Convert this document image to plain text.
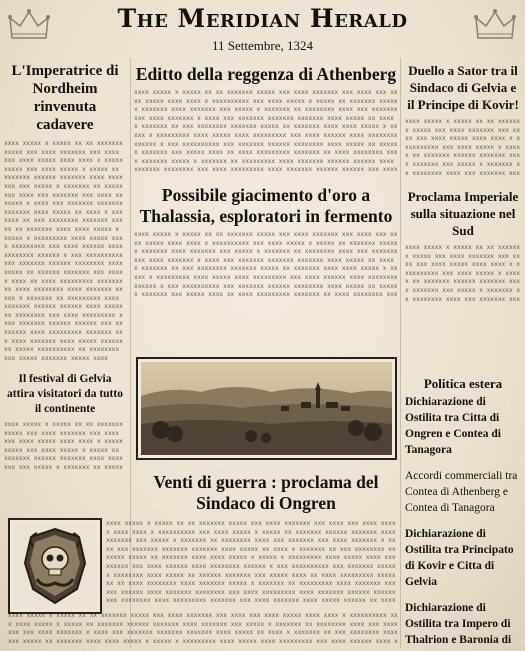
The Meridian Herald
11 Settembre, 1324
L'Imperatrice di Nordheim rinvenuta cadavere
xxxx xxxxx x xxxxx xx xx xxxxxxx xxxxx xxx xxxx xxxxxxx xxx xxxx xxx xxxx xxxxx xxxx xxxx x xxxxxxxxxx xxx xxxx xxxxx x xxxxx xx xxxxxxx xxxxxx xxxxxxx xxxx xxxxxxx xxx xxxxx x xxxxxxx xx xxxxxxxx xxxx xxx xxxxxxx xxx xxxx xxxxxxx x xxxx xxx xxxxxxx xxxxxxx xxxxxxx xxxx xxxxx xx xxxx x xxxxxxx xx xxx xxxxxxxx xxxxxxx xxxxx xx xxxxxxx xxxx xxxx xxxxx x xxxxx x xxxxxxxxx xxxx xxxxx xxxx xxxxxxxxx xxx xxxx xxxxxx xxxx xxxxxxxx xxxxxx x xxx xxxxxxxxxx xxx xxxxxxx xxxxxx xxxxxxxx xxxx xxxxx xx xxxxxx xxxxxxx xxx xxxxx xxxx xx xxxx xxxxxxxxx xxxxxxx xx xxxx xxxxxxxx xxxx xxxxxxx xxxxx x xxxxxxx xx xxxxxxxxx xxxx xxxxxxx xxxxxx xxxxxx xxxx xxxxxxx xxxxxxxx xxx xxxx xxxxxxxxx xxxx xxxxxxx xxxxxx xxxxxx xxx xxxxxxxx xxxx xxxxxxxxx xxxxxxx xxx xxxx xxxxxxx xxxx xxxxx xxxxxx xx xxxxx xxxxxxxxxx xx xxxxxxxx xxx xxxxx xxxxxxx xxxxx xxxx
Il festival di Gelvia attira visitatori da tutto il continente
xxxx xxxxx x xxxxx xx xx xxxxxxx xxxxx xxx xxxx xxxxxxx xxx xxxx xxx xxxx xxxxx xxxx xxxx x xxxxxxxxxx xxx xxxx xxxxx x xxxxx xx xxxxxxx xxxxxx xxxxxxx xxxx xxxxxxx xxx xxxxx x xxxxxxx xx xxxxx
Editto della reggenza di Athenberg
xxxx xxxxx x xxxxx xx xx xxxxxxx xxxxx xxx xxxx xxxxxxx xxx xxxx xxx xxxx xxxxx xxxx xxxx x xxxxxxxxxx xxx xxxx xxxxx x xxxxx xx xxxxxxx xxxxxx xxxxxxx xxxx xxxxxxx xxx xxxxx x xxxxxxx xx xxxxxxxx xxxx xxx xxxxxxx xxx xxxx xxxxxxx x xxxx xxx xxxxxxx xxxxxxx xxxxxxx xxxx xxxxx xx xxxx x xxxxxxx xx xxx xxxxxxxx xxxxxxx xxxxx xx xxxxxxx xxxx xxxx xxxxx x xxxxx x xxxxxxxxx xxxx xxxxx xxxx xxxxxxxxx xxx xxxx xxxxxx xxxx xxxxxxxx xxxxxx x xxx xxxxxxxxxx xxx xxxxxxx xxxxxx xxxxxxxx xxxx xxxxx xx xxxxxx xxxxxxx xxx xxxxx xxxx xx xxxx xxxxxxxxx xxxxxxx xx xxxx xxxxxxxx xxxx xxxxxxx xxxxx x xxxxxxx xx xxxxxxxxx xxxx xxxxxxx xxxxxx xxxxxx xxxx xxxxxxx xxxxxxxx xxx xxxx xxxxxxxxx xxxx xxxxxxx xxxxxx xxxxxx xxx xxxx
Possibile giacimento d'oro a Thalassia, esploratori in fermento
xxxx xxxxx x xxxxx xx xx xxxxxxx xxxxx xxx xxxx xxxxxxx xxx xxxx xxx xxxx xxxxx xxxx xxxx x xxxxxxxxxx xxx xxxx xxxxx x xxxxx xx xxxxxxx xxxxxx xxxxxxx xxxx xxxxxxx xxx xxxxx x xxxxxxx xx xxxxxxxx xxxx xxx xxxxxxx xxx xxxx xxxxxxx x xxxx xxx xxxxxxx xxxxxxx xxxxxxx xxxx xxxxx xx xxxx x xxxxxxx xx xxx xxxxxxxx xxxxxxx xxxxx xx xxxxxxx xxxx xxxx xxxxx x xxxxx x xxxxxxxxx xxxx xxxxx xxxx xxxxxxxxx xxx xxxx xxxxxx xxxx xxxxxxxx xxxxxx x xxx xxxxxxxxxx xxx xxxxxxx xxxxxx xxxxxxxx xxxx xxxxx xx xxxxxx xxxxxxx xxx xxxxx xxxx xx xxxx xxxxxxxxx xxxxxxx xx xxxx xxxxxxxx xxx
Venti di guerra : proclama del Sindaco di Ongren
xxxx xxxxx x xxxxx xx xx xxxxxxx xxxxx xxx xxxx xxxxxxx xxx xxxx xxx xxxx xxxxx xxxx xxxx x xxxxxxxxxx xxx xxxx xxxxx x xxxxx xx xxxxxxx xxxxxx xxxxxxx xxxx xxxxxxx xxx xxxxx x xxxxxxx xx xxxxxxxx xxxx xxx xxxxxxx xxx xxxx xxxxxxx x xxxx xxx xxxxxxx xxxxxxx xxxxxxx xxxx xxxxx xx xxxx x xxxxxxx xx xxx xxxxxxxx xxxxxxx xxxxx xx xxxxxxx xxxx xxxx xxxxx x xxxxx x xxxxxxxxx xxxx xxxxx xxxx xxxxxxxxx xxx xxxx xxxxxx xxxx xxxxxxxx xxxxxx x xxx xxxxxxxxxx xxx xxxxxxx xxxxxx xxxxxxxx xxxx xxxxx xx xxxxxx xxxxxxx xxx xxxxx xxxx xx xxxx xxxxxxxxx xxxxxxx xx xxxx xxxxxxxx xxxx xxxxxxx xxxxx x xxxxxxx xx xxxxxxxxx xxxx xxxxxxx xxxxxx xxxxxx xxxx xxxxxxx xxxxxxxx xxx xxxx xxxxxxxxx xxxx xxxxxxx xxxxxx xxxxxx xxx xxxxxxxx xxxx xxxxxxxxx xxxxxxx xxx xxxx xxxxxxx xxxx xxxxx xxxxxx xx xxxx
xxxx xxxxx x xxxxx xx xx xxxxxxx xxxxx xxx xxxx xxxxxxx xxx xxxx xxx xxxx xxxxx xxxx xxxx x xxxxxxxxxx xxx xxxx xxxxx x xxxxx xx xxxxxxx xxxxxx xxxxxxx xxxx xxxxxxx xxx xxxxx x xxxxxxx xx xxxxxxxx xxxx xxx xxxxxxx xxx xxxx xxxxxxx x xxxx xxx xxxxxxx xxxxxxx xxxxxxx xxxx xxxxx xx xxxx x xxxxxxx xx xxx xxxxxxxx xxxxxxx xxxxx xx xxxxxxx xxxx xxxx xxxxx x xxxxx x xxxxxxxxx xxxx xxxxx xxxx xxxxxxxxx xxx xxxx xxxxxx xxxx x
Duello a Sator tra il Sindaco di Gelvia e il Principe di Kovir!
xxxx xxxxx x xxxxx xx xx xxxxxxx xxxxx xxx xxxx xxxxxxx xxx xxxx xxx xxxx xxxxx xxxx xxxx x xxxxxxxxxx xxx xxxx xxxxx x xxxxx xx xxxxxxx xxxxxx xxxxxxx xxxx xxxxxxx xxx xxxxx x xxxxxxx xx xxxxxxxx xxxx xxx xxxxxxx xxx
Proclama Imperiale sulla situazione nel Sud
xxxx xxxxx x xxxxx xx xx xxxxxxx xxxxx xxx xxxx xxxxxxx xxx xxxx xxx xxxx xxxxx xxxx xxxx x xxxxxxxxxx xxx xxxx xxxxx x xxxxx xx xxxxxxx xxxxxx xxxxxxx xxxx xxxxxxx xxx xxxxx x xxxxxxx xx xxxxxxxx xxxx xxx xxxxxxx xxx
Politica estera
Dichiarazione di Ostilita tra Citta di Ongren e Contea di Tanagora
Accordi commerciali tra Contea di Athenberg e Contea di Tanagora
Dichiarazione di Ostilita tra Principato di Kovir e Citta di Gelvia
Dichiarazione di Ostilita tra Impero di Thalrion e Baronia di
